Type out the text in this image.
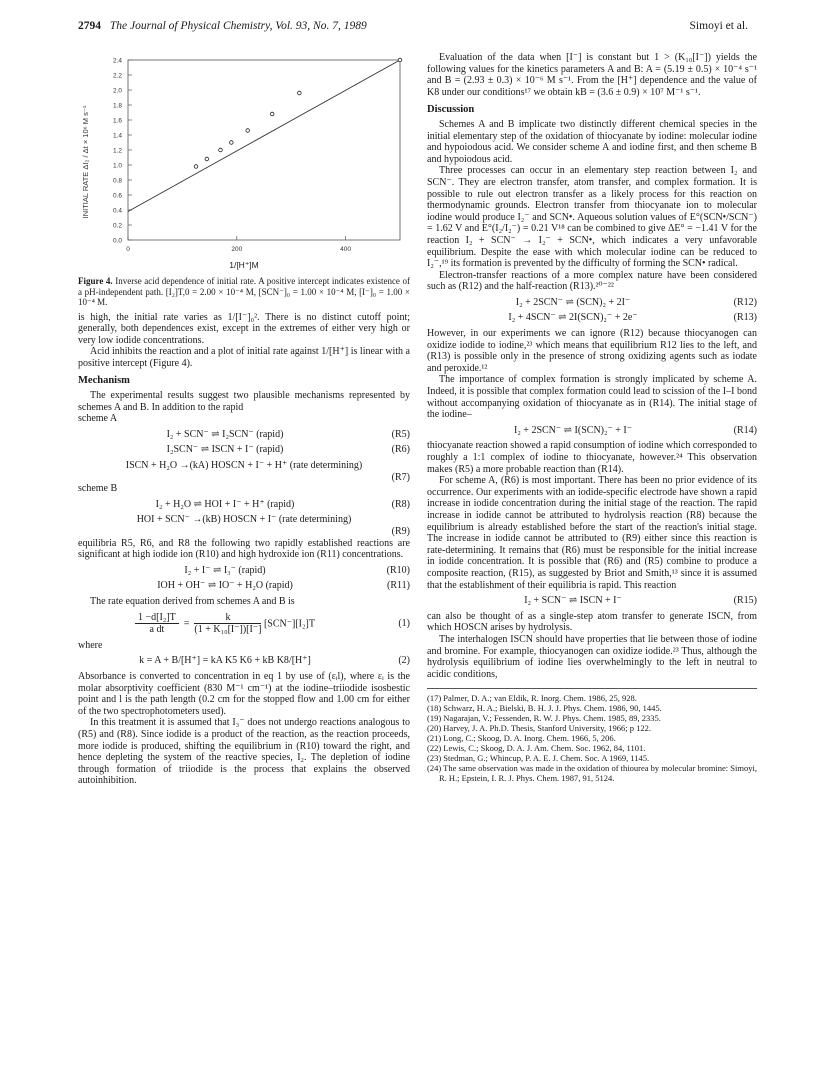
2794 The Journal of Physical Chemistry, Vol. 93, No. 7, 1989	Simoyi et al.
0.0
0.2
0.4
0.6
0.8
1.0
1.2
1.4
1.6
1.8
2.0
2.2
2.4
0	200	400
INITIAL RATE ΔI₂ / Δt × 10⁶ M s⁻¹
1/[H⁺]M
Figure 4. Inverse acid dependence of initial rate. A positive intercept indicates existence of a pH-independent path. [I₂]T,0 = 2.00 × 10⁻⁴ M, [SCN⁻]₀ = 1.00 × 10⁻⁴ M, [I⁻]₀ = 1.00 × 10⁻⁴ M.

is high, the initial rate varies as 1/[I⁻]₀². There is no distinct cutoff point; generally, both dependences exist, except in the extremes of either very high or very low iodide concentrations.

Acid inhibits the reaction and a plot of initial rate against 1/[H⁺] is linear with a positive intercept (Figure 4).

Mechanism

The experimental results suggest two plausible mechanisms represented by schemes A and B. In addition to the rapid

scheme A
I₂ + SCN⁻ ⇌ I₂SCN⁻ (rapid)	(R5)
I₂SCN⁻ ⇌ ISCN + I⁻ (rapid)	(R6)
ISCN + H₂O →(kA) HOSCN + I⁻ + H⁺ (rate determining)
(R7)
scheme B
I₂ + H₂O ⇌ HOI + I⁻ + H⁺ (rapid)	(R8)
HOI + SCN⁻ →(kB) HOSCN + I⁻ (rate determining)
(R9)

equilibria R5, R6, and R8 the following two rapidly established reactions are significant at high iodide ion (R10) and high hydroxide ion (R11) concentrations.

I₂ + I⁻ ⇌ I₃⁻ (rapid)	(R10)
IOH + OH⁻ ⇌ IO⁻ + H₂O (rapid)	(R11)

The rate equation derived from schemes A and B is

$\frac{\text{1 −d[I₂]T}}{\text{a dt}} = \frac{k}{\text{(1 + K₁₀[I⁻])[I⁻]}} [SCN^-][I_2]T$	(1)
where
k = A + B/[H⁺] = kA K5 K6 + kB K8/[H⁺]	(2)

Absorbance is converted to concentration in eq 1 by use of (εᵢl), where εᵢ is the molar absorptivity coefficient (830 M⁻¹ cm⁻¹) at the iodine–triiodide isosbestic point and l is the path length (0.2 cm for the stopped flow and 1.00 cm for either of the two spectrophotometers used).

In this treatment it is assumed that I₃⁻ does not undergo reactions analogous to (R5) and (R8). Since iodide is a product of the reaction, as the reaction proceeds, more iodide is produced, shifting the equilibrium in (R10) toward the right, and hence depleting the system of the reactive species, I₂. The depletion of iodine through formation of triiodide is the process that explains the observed autoinhibition.

Evaluation of the data when [I⁻] is constant but 1 > (K₁₀[I⁻]) yields the following values for the kinetics parameters A and B: A = (5.19 ± 0.5) × 10⁻⁴ s⁻¹ and B = (2.93 ± 0.3) × 10⁻⁶ M s⁻¹. From the [H⁺] dependence and the value of K8 under our conditions¹⁷ we obtain kB = (3.6 ± 0.9) × 10⁷ M⁻¹ s⁻¹.

Discussion

Schemes A and B implicate two distinctly different chemical species in the initial elementary step of the oxidation of thiocyanate by iodine: molecular iodine and hypoiodous acid. We consider scheme A and iodine first, and then scheme B and hypoiodous acid.

Three processes can occur in an elementary step reaction between I₂ and SCN⁻. They are electron transfer, atom transfer, and complex formation. It is possible to rule out electron transfer as a likely process for this reaction on thermodynamic grounds. Electron transfer from thiocyanate ion to molecular iodine would produce I₂⁻ and SCN•. Aqueous solution values of E°(SCN•/SCN⁻) = 1.62 V and E°(I₂/I₂⁻) = 0.21 V¹⁸ can be combined to give ΔE° = −1.41 V for the reaction I₂ + SCN⁻ → I₂⁻ + SCN•, which indicates a very unfavorable equilibrium. Despite the ease with which molecular iodine can be reduced to I₂⁻,¹⁹ its formation is prevented by the difficulty of forming the SCN• radical.

Electron-transfer reactions of a more complex nature have been considered such as (R12) and the half-reaction (R13).²⁰⁻²²

I₂ + 2SCN⁻ ⇌ (SCN)₂ + 2I⁻	(R12)
I₂ + 4SCN⁻ ⇌ 2I(SCN)₂⁻ + 2e⁻	(R13)

However, in our experiments we can ignore (R12) because thiocyanogen can oxidize iodide to iodine,²³ which means that equilibrium R12 lies to the left, and (R13) is possible only in the presence of strong oxidizing agents such as iodate and peroxide.¹²

The importance of complex formation is strongly implicated by scheme A. Indeed, it is possible that complex formation could lead to scission of the I–I bond without accompanying oxidation of thiocyanate as in (R14). The initial stage of the iodine–

I₂ + 2SCN⁻ ⇌ I(SCN)₂⁻ + I⁻	(R14)

thiocyanate reaction showed a rapid consumption of iodine which corresponded to roughly a 1:1 complex of iodine to thiocyanate, however.²⁴ This observation makes (R5) a more probable reaction than (R14).

For scheme A, (R6) is most important. There has been no prior evidence of its occurrence. Our experiments with an iodide-specific electrode have shown a rapid increase in iodide concentration during the initial stage of the reaction. The rapid increase in iodide cannot be attributed to hydrolysis reaction (R8) because the equilibrium is already established before the start of the reaction's initial stage. The increase in iodide cannot be attributed to (R9) either since this reaction is rate-determining. It remains that (R6) must be responsible for the initial increase in iodide concentration. It is possible that (R6) and (R5) combine to produce a composite reaction, (R15), as suggested by Briot and Smith,¹³ since it is assumed that the establishment of their equilibria is rapid. This reaction

I₂ + SCN⁻ ⇌ ISCN + I⁻	(R15)

can also be thought of as a single-step atom transfer to generate ISCN, from which HOSCN arises by hydrolysis.

The interhalogen ISCN should have properties that lie between those of iodine and bromine. For example, thiocyanogen can oxidize iodide.²³ Thus, although the hydrolysis equilibrium of iodine lies overwhelmingly to the left in neutral to acidic conditions,

(17) Palmer, D. A.; van Eldik, R. Inorg. Chem. 1986, 25, 928.
(18) Schwarz, H. A.; Bielski, B. H. J. J. Phys. Chem. 1986, 90, 1445.
(19) Nagarajan, V.; Fessenden, R. W. J. Phys. Chem. 1985, 89, 2335.
(20) Harvey, J. A. Ph.D. Thesis, Stanford University, 1966; p 122.
(21) Long, C.; Skoog, D. A. Inorg. Chem. 1966, 5, 206.
(22) Lewis, C.; Skoog, D. A. J. Am. Chem. Soc. 1962, 84, 1101.
(23) Stedman, G.; Whincup, P. A. E. J. Chem. Soc. A 1969, 1145.
(24) The same observation was made in the oxidation of thiourea by molecular bromine: Simoyi, R. H.; Epstein, I. R. J. Phys. Chem. 1987, 91, 5124.
